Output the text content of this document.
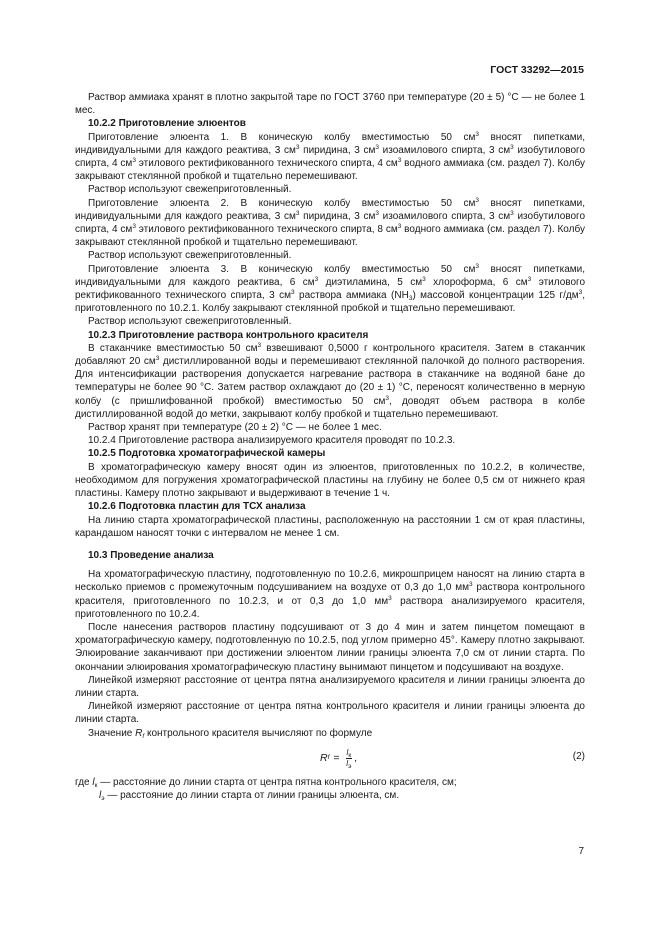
ГОСТ 33292—2015

Раствор аммиака хранят в плотно закрытой таре по ГОСТ 3760 при температуре (20 ± 5) °С — не более 1 мес.

10.2.2 Приготовление элюентов

Приготовление элюента 1. В коническую колбу вместимостью 50 $см^3$ вносят пипетками, индивидуальными для каждого реактива, 3 $см^3$ пиридина, 3 $см^3$ изоамилового спирта, 3 $см^3$ изобутилового спирта, 4 $см^3$ этилового ректификованного технического спирта, 4 $см^3$ водного аммиака (см. раздел 7). Колбу закрывают стеклянной пробкой и тщательно перемешивают.

Раствор используют свежеприготовленный.

Приготовление элюента 2. В коническую колбу вместимостью 50 $см^3$ вносят пипетками, индивидуальными для каждого реактива, 3 $см^3$ пиридина, 3 $см^3$ изоамилового спирта, 3 $см^3$ изобутилового спирта, 4 $см^3$ этилового ректификованного технического спирта, 8 $см^3$ водного аммиака (см. раздел 7). Колбу закрывают стеклянной пробкой и тщательно перемешивают.

Раствор используют свежеприготовленный.

Приготовление элюента 3. В коническую колбу вместимостью 50 $см^3$ вносят пипетками, индивидуальными для каждого реактива, 6 $см^3$ диэтиламина, 5 $см^3$ хлороформа, 6 $см^3$ этилового ректификованного технического спирта, 3 $см^3$ раствора аммиака $(NH_3)$ массовой концентрации 125 $г/дм^3$, приготовленного по 10.2.1. Колбу закрывают стеклянной пробкой и тщательно перемешивают.

Раствор используют свежеприготовленный.

10.2.3 Приготовление раствора контрольного красителя

В стаканчике вместимостью 50 $см^3$ взвешивают 0,5000 г контрольного красителя. Затем в стаканчик добавляют 20 $см^3$ дистиллированной воды и перемешивают стеклянной палочкой до полного растворения. Для интенсификации растворения допускается нагревание раствора в стаканчике на водяной бане до температуры не более 90 °С. Затем раствор охлаждают до (20 ± 1) °С, переносят количественно в мерную колбу (с пришлифованной пробкой) вместимостью 50 $см^3$, доводят объем раствора в колбе дистиллированной водой до метки, закрывают колбу пробкой и тщательно перемешивают.

Раствор хранят при температуре (20 ± 2) °С — не более 1 мес.

10.2.4 Приготовление раствора анализируемого красителя проводят по 10.2.3.

10.2.5 Подготовка хроматографической камеры

В хроматографическую камеру вносят один из элюентов, приготовленных по 10.2.2, в количестве, необходимом для погружения хроматографической пластины на глубину не более 0,5 см от нижнего края пластины. Камеру плотно закрывают и выдерживают в течение 1 ч.

10.2.6 Подготовка пластин для ТСХ анализа

На линию старта хроматографической пластины, расположенную на расстоянии 1 см от края пластины, карандашом наносят точки с интервалом не менее 1 см.

10.3 Проведение анализа

На хроматографическую пластину, подготовленную по 10.2.6, микрошприцем наносят на линию старта в несколько приемов с промежуточным подсушиванием на воздухе от 0,3 до 1,0 $мм^3$ раствора контрольного красителя, приготовленного по 10.2.3, и от 0,3 до 1,0 $мм^3$ раствора анализируемого красителя, приготовленного по 10.2.4.

После нанесения растворов пластину подсушивают от 3 до 4 мин и затем пинцетом помещают в хроматографическую камеру, подготовленную по 10.2.5, под углом примерно 45°. Камеру плотно закрывают. Элюирование заканчивают при достижении элюентом линии границы элюента 7,0 см от линии старта. По окончании элюирования хроматографическую пластину вынимают пинцетом и подсушивают на воздухе.

Линейкой измеряют расстояние от центра пятна анализируемого красителя и линии границы элюента до линии старта.

Линейкой измеряют расстояние от центра пятна контрольного красителя и линии границы элюента до линии старта.

Значение $R_f$ контрольного красителя вычисляют по формуле

R $f = \frac{l_к}{l_э}$ ,	(2)

где $l_к$ — расстояние до линии старта от центра пятна контрольного красителя, см;

$l_э$ — расстояние до линии старта от линии границы элюента, см.

7
